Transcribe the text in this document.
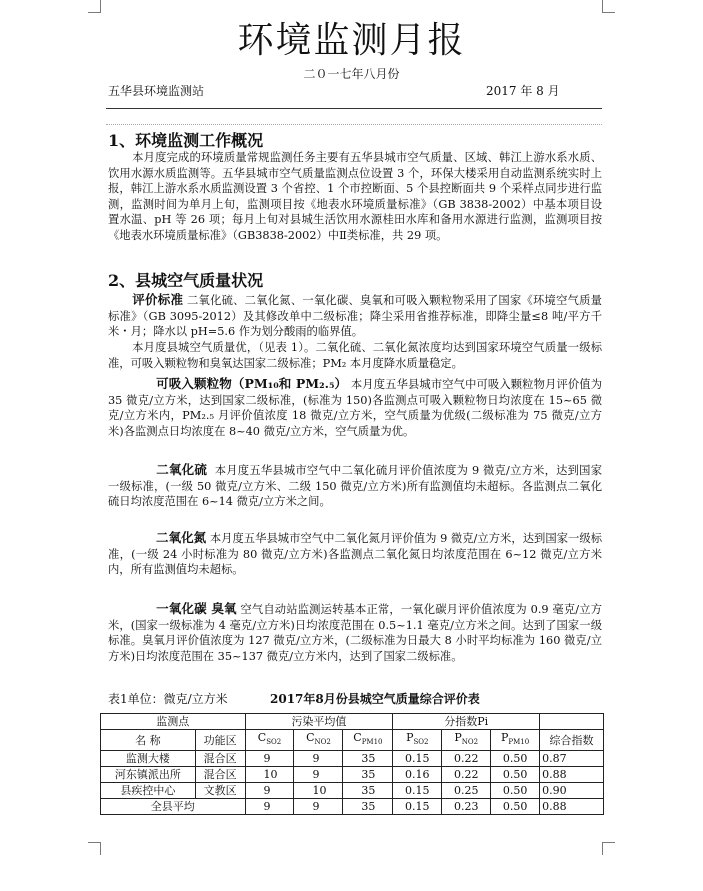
环境监测月报
二０一七年八月份
五华县环境监测站	2017 年 8 月
1、环境监测工作概况
本月度完成的环境质量常规监测任务主要有五华县城市空气质量、区域、韩江上游水系水质、饮用水源水质监测等。五华县城市空气质量监测点位设置 3 个，环保大楼采用自动监测系统实时上报，韩江上游水系水质监测设置 3 个省控、1 个市控断面、5 个县控断面共 9 个采样点同步进行监测，监测时间为单月上旬，监测项目按《地表水环境质量标准》（GB 3838-2002）中基本项目设置水温、pH 等 26 项；每月上旬对县城生活饮用水源桂田水库和备用水源进行监测，监测项目按《地表水环境质量标准》（GB3838-2002）中Ⅱ类标准，共 29 项。
2、县城空气质量状况
评价标准 二氧化硫、二氧化氮、一氧化碳、臭氧和可吸入颗粒物采用了国家《环境空气质量标准》（GB 3095-2012）及其修改单中二级标准；降尘采用省推荐标准，即降尘量≤8 吨/平方千米・月；降水以 pH=5.6 作为划分酸雨的临界值。
本月度县城空气质量优，（见表 1）。二氧化硫、二氧化氮浓度均达到国家环境空气质量一级标准，可吸入颗粒物和臭氧达国家二级标准；PM₂ 本月度降水质量稳定。
可吸入颗粒物（PM₁₀和 PM₂.₅） 本月度五华县城市空气中可吸入颗粒物月评价值为 35 微克/立方米，达到国家二级标准，(标准为 150)各监测点可吸入颗粒物日均浓度在 15~65 微克/立方米内，PM₂.₅ 月评价值浓度 18 微克/立方米，空气质量为优级(二级标准为 75 微克/立方米)各监测点日均浓度在 8~40 微克/立方米，空气质量为优。
二氧化硫 本月度五华县城市空气中二氧化硫月评价值浓度为 9 微克/立方米，达到国家一级标准，(一级 50 微克/立方米、二级 150 微克/立方米)所有监测值均未超标。各监测点二氧化硫日均浓度范围在 6~14 微克/立方米之间。
二氧化氮 本月度五华县城市空气中二氧化氮月评价值为 9 微克/立方米，达到国家一级标准，(一级 24 小时标准为 80 微克/立方米)各监测点二氧化氮日均浓度范围在 6~12 微克/立方米内，所有监测值均未超标。
一氧化碳 臭氧 空气自动站监测运转基本正常，一氧化碳月评价值浓度为 0.9 毫克/立方米，(国家一级标准为 4 毫克/立方米)日均浓度范围在 0.5~1.1 毫克/立方米之间。达到了国家一级标准。臭氧月评价值浓度为 127 微克/立方米，(二级标准为日最大 8 小时平均标准为 160 微克/立方米)日均浓度范围在 35~137 微克/立方米内，达到了国家二级标准。
表1单位：微克/立方米	2017年8月份县城空气质量综合评价表
监测点		污染平均值			分指数Pi			
名 称	功能区	$C_{SO2}$	$C_{NO2}$	$C_{PM10}$	$P_{SO2}$	$P_{NO2}$	$P_{PM10}$	综合指数
监测大楼	混合区	9	9	35	0.15	0.22	0.50	0.87
河东镇派出所	混合区	10	9	35	0.16	0.22	0.50	0.88
县疾控中心	文教区	9	10	35	0.15	0.25	0.50	0.90
全县平均		9	9	35	0.15	0.23	0.50	0.88
